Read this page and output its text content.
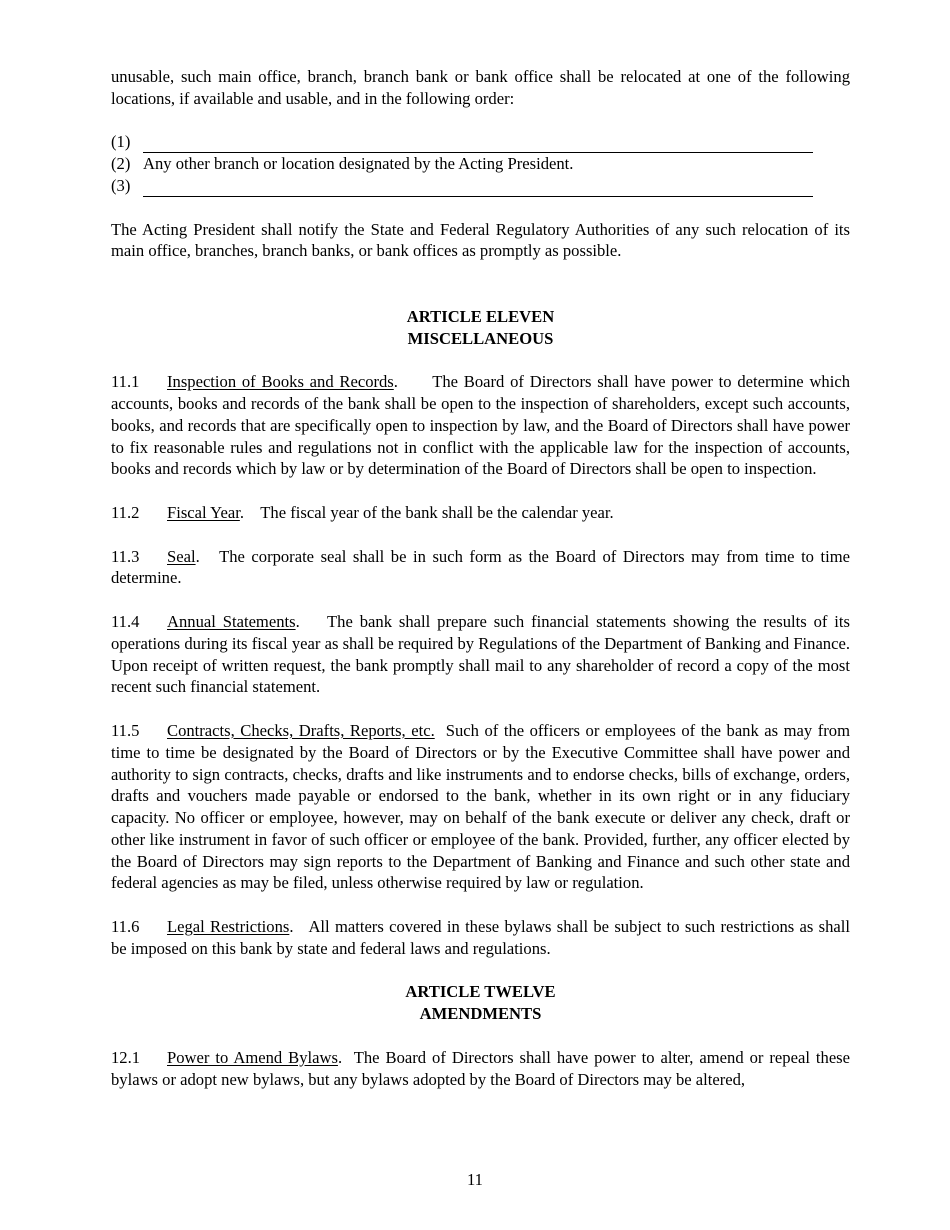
unusable, such main office, branch, branch bank or bank office shall be relocated at one of the following locations, if available and usable, and in the following order:

(1)
(2) Any other branch or location designated by the Acting President.
(3)

The Acting President shall notify the State and Federal Regulatory Authorities of any such relocation of its main office, branches, branch banks, or bank offices as promptly as possible.

ARTICLE ELEVEN
MISCELLANEOUS

11.1 Inspection of Books and Records.      The Board of Directors shall have power to determine which accounts, books and records of the bank shall be open to the inspection of shareholders, except such accounts, books, and records that are specifically open to inspection by law, and the Board of Directors shall have power to fix reasonable rules and regulations not in conflict with the applicable law for the inspection of accounts, books and records which by law or by determination of the Board of Directors shall be open to inspection.

11.2 Fiscal Year.    The fiscal year of the bank shall be the calendar year.

11.3 Seal.   The corporate seal shall be in such form as the Board of Directors may from time to time determine.

11.4 Annual Statements.    The bank shall prepare such financial statements showing the results of its operations during its fiscal year as shall be required by Regulations of the Department of Banking and Finance. Upon receipt of written request, the bank promptly shall mail to any shareholder of record a copy of the most recent such financial statement.

11.5 Contracts, Checks, Drafts, Reports, etc. Such of the officers or employees of the bank as may from time to time be designated by the Board of Directors or by the Executive Committee shall have power and authority to sign contracts, checks, drafts and like instruments and to endorse checks, bills of exchange, orders, drafts and vouchers made payable or endorsed to the bank, whether in its own right or in any fiduciary capacity. No officer or employee, however, may on behalf of the bank execute or deliver any check, draft or other like instrument in favor of such officer or employee of the bank. Provided, further, any officer elected by the Board of Directors may sign reports to the Department of Banking and Finance and such other state and federal agencies as may be filed, unless otherwise required by law or regulation.

11.6 Legal Restrictions.   All matters covered in these bylaws shall be subject to such restrictions as shall be imposed on this bank by state and federal laws and regulations.

ARTICLE TWELVE
AMENDMENTS

12.1 Power to Amend Bylaws.  The Board of Directors shall have power to alter, amend or repeal these bylaws or adopt new bylaws, but any bylaws adopted by the Board of Directors may be altered,

11
